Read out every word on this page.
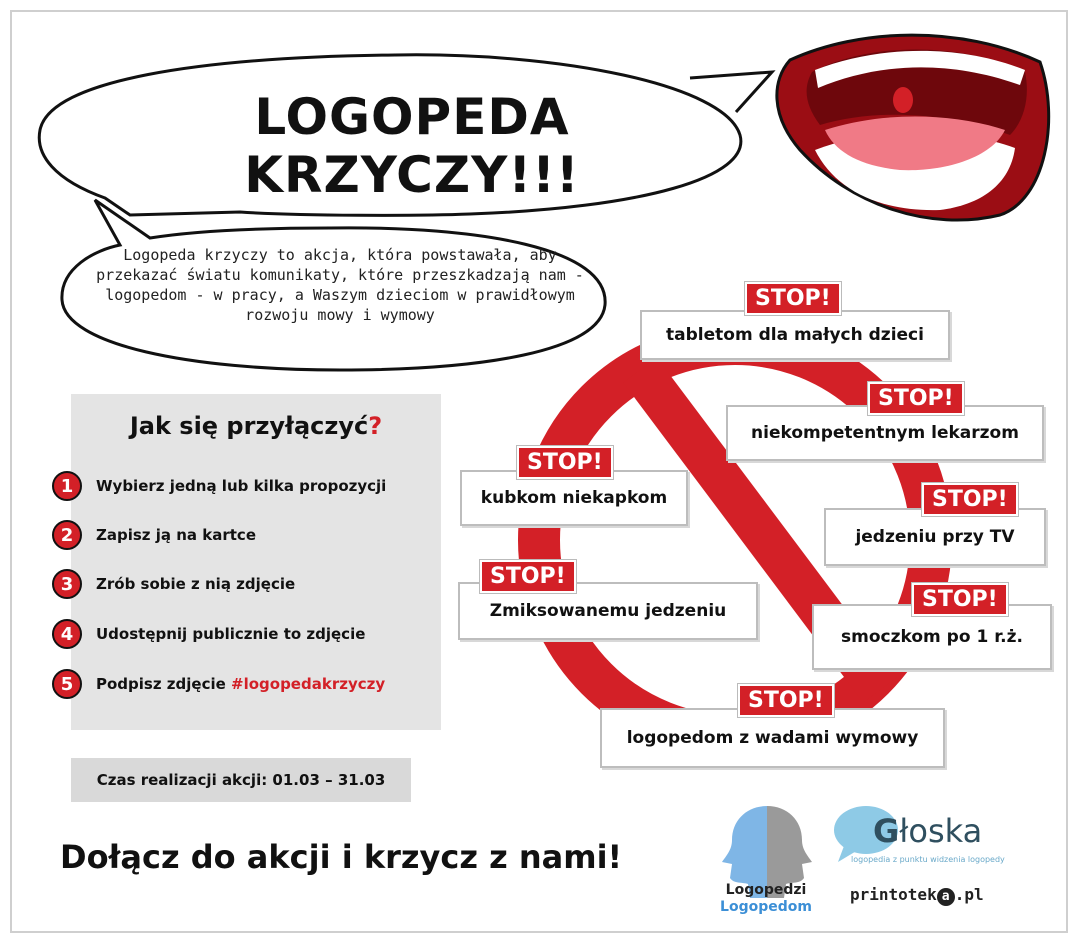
LOGOPEDA KRZYCZY!!!
Logopeda krzyczy to akcja, która powstawała, aby przekazać światu komunikaty, które przeszkadzają nam - logopedom - w pracy, a Waszym dzieciom w prawidłowym rozwoju mowy i wymowy
Jak się przyłączyć?
1	Wybierz jedną lub kilka propozycji
2	Zapisz ją na kartce
3	Zrób sobie z nią zdjęcie
4	Udostępnij publicznie to zdjęcie
5	Podpisz zdjęcie #logopedakrzyczy
Czas realizacji akcji: 01.03 – 31.03
Dołącz do akcji i krzycz z nami!
tabletom dla małych dzieci
STOP!
niekompetentnym lekarzom
STOP!
kubkom niekapkom
STOP!
jedzeniu przy TV
STOP!
Zmiksowanemu jedzeniu
STOP!
smoczkom po 1 r.ż.
STOP!
logopedom z wadami wymowy
STOP!
Logopedzi
Logopedom
Głoska
logopedia z punktu widzenia logopedy
printotek a .pl
